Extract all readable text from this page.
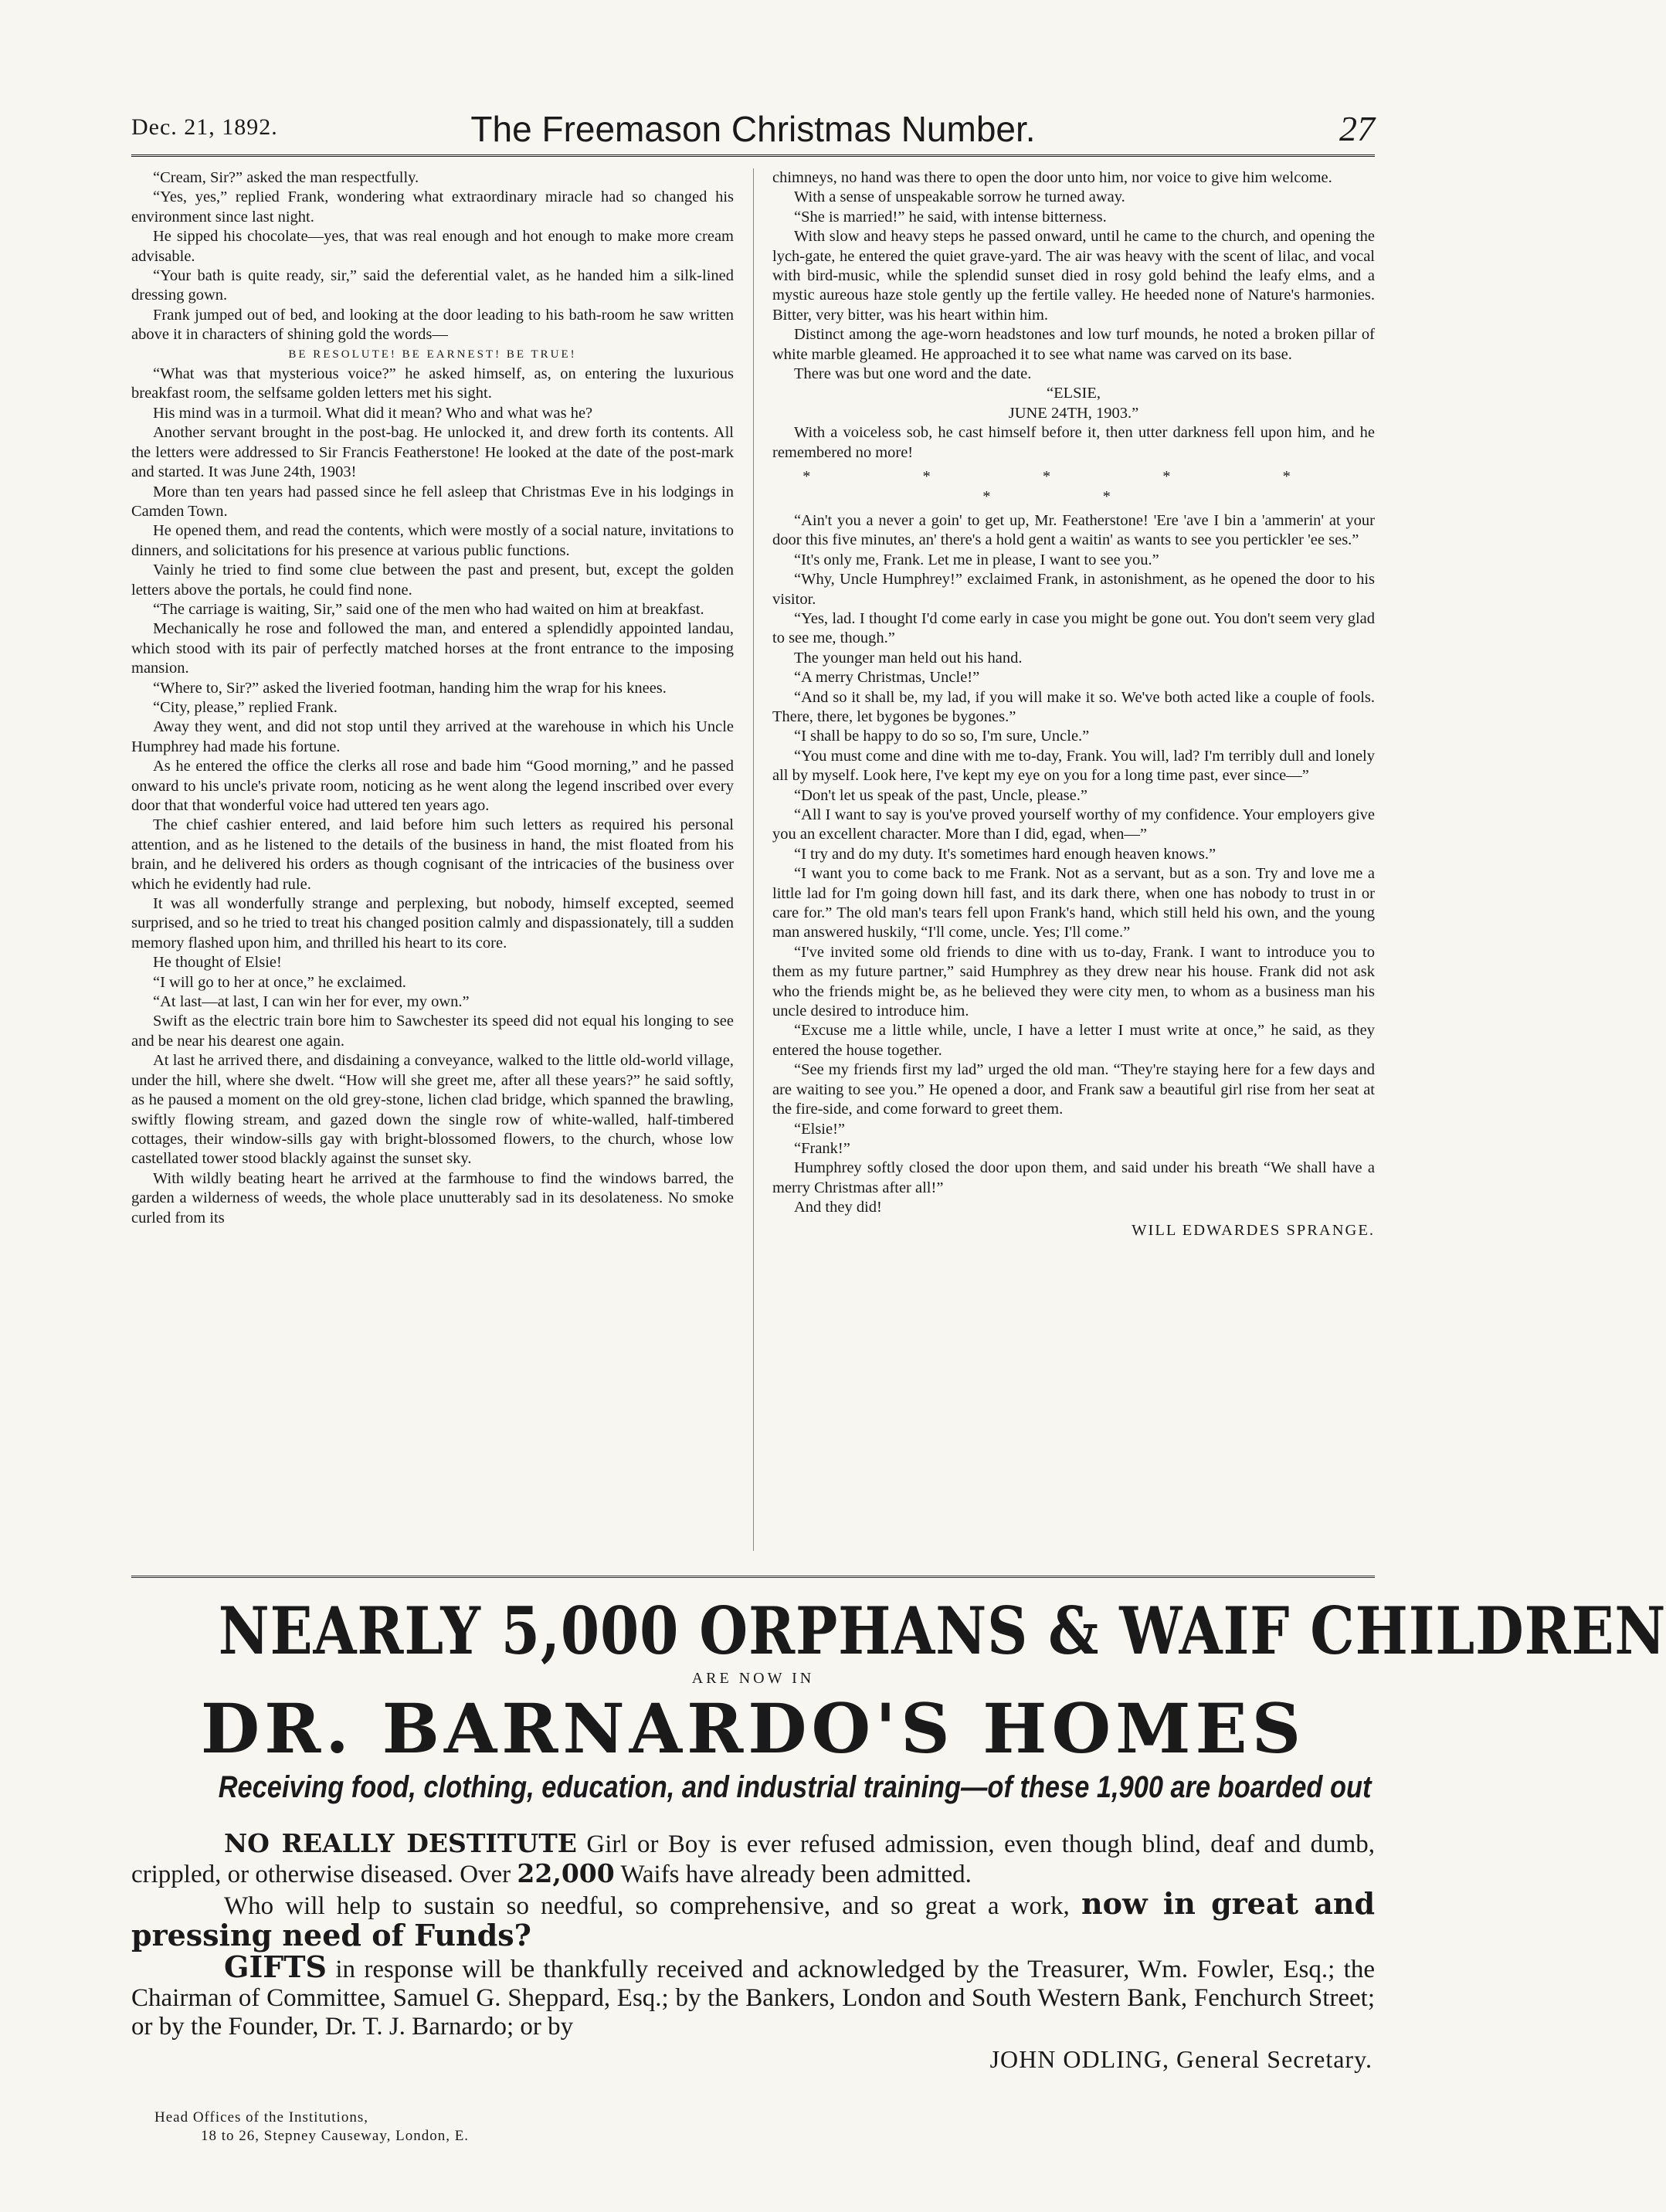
Dec. 21, 1892.	The Freemason Christmas Number.	27

“Cream, Sir?” asked the man respectfully.

“Yes, yes,” replied Frank, wondering what extraordinary miracle had so changed his environment since last night.

He sipped his chocolate—yes, that was real enough and hot enough to make more cream advisable.

“Your bath is quite ready, sir,” said the deferential valet, as he handed him a silk-lined dressing gown.

Frank jumped out of bed, and looking at the door leading to his bath-room he saw written above it in characters of shining gold the words—

BE RESOLUTE! BE EARNEST! BE TRUE!

“What was that mysterious voice?” he asked himself, as, on entering the luxurious breakfast room, the selfsame golden letters met his sight.

His mind was in a turmoil. What did it mean? Who and what was he?

Another servant brought in the post-bag. He unlocked it, and drew forth its contents. All the letters were addressed to Sir Francis Featherstone! He looked at the date of the post-mark and started. It was June 24th, 1903!

More than ten years had passed since he fell asleep that Christmas Eve in his lodgings in Camden Town.

He opened them, and read the contents, which were mostly of a social nature, invitations to dinners, and solicitations for his presence at various public functions.

Vainly he tried to find some clue between the past and present, but, except the golden letters above the portals, he could find none.

“The carriage is waiting, Sir,” said one of the men who had waited on him at breakfast.

Mechanically he rose and followed the man, and entered a splendidly appointed landau, which stood with its pair of perfectly matched horses at the front entrance to the imposing mansion.

“Where to, Sir?” asked the liveried footman, handing him the wrap for his knees.

“City, please,” replied Frank.

Away they went, and did not stop until they arrived at the warehouse in which his Uncle Humphrey had made his fortune.

As he entered the office the clerks all rose and bade him “Good morning,” and he passed onward to his uncle's private room, noticing as he went along the legend inscribed over every door that that wonderful voice had uttered ten years ago.

The chief cashier entered, and laid before him such letters as required his personal attention, and as he listened to the details of the business in hand, the mist floated from his brain, and he delivered his orders as though cognisant of the intricacies of the business over which he evidently had rule.

It was all wonderfully strange and perplexing, but nobody, himself excepted, seemed surprised, and so he tried to treat his changed position calmly and dispassionately, till a sudden memory flashed upon him, and thrilled his heart to its core.

He thought of Elsie!

“I will go to her at once,” he exclaimed.

“At last—at last, I can win her for ever, my own.”

Swift as the electric train bore him to Sawchester its speed did not equal his longing to see and be near his dearest one again.

At last he arrived there, and disdaining a conveyance, walked to the little old-world village, under the hill, where she dwelt. “How will she greet me, after all these years?” he said softly, as he paused a moment on the old grey-stone, lichen clad bridge, which spanned the brawling, swiftly flowing stream, and gazed down the single row of white-walled, half-timbered cottages, their window-sills gay with bright-blossomed flowers, to the church, whose low castellated tower stood blackly against the sunset sky.

With wildly beating heart he arrived at the farmhouse to find the windows barred, the garden a wilderness of weeds, the whole place unutterably sad in its desolateness. No smoke curled from its

chimneys, no hand was there to open the door unto him, nor voice to give him welcome.

With a sense of unspeakable sorrow he turned away.

“She is married!” he said, with intense bitterness.

With slow and heavy steps he passed onward, until he came to the church, and opening the lych-gate, he entered the quiet grave-yard. The air was heavy with the scent of lilac, and vocal with bird-music, while the splendid sunset died in rosy gold behind the leafy elms, and a mystic aureous haze stole gently up the fertile valley. He heeded none of Nature's harmonies. Bitter, very bitter, was his heart within him.

Distinct among the age-worn headstones and low turf mounds, he noted a broken pillar of white marble gleamed. He approached it to see what name was carved on its base.

There was but one word and the date.

“ELSIE,

JUNE 24TH, 1903.”

With a voiceless sob, he cast himself before it, then utter darkness fell upon him, and he remembered no more!

* * * * * * *

“Ain't you a never a goin' to get up, Mr. Featherstone! 'Ere 'ave I bin a 'ammerin' at your door this five minutes, an' there's a hold gent a waitin' as wants to see you pertickler 'ee ses.”

“It's only me, Frank. Let me in please, I want to see you.”

“Why, Uncle Humphrey!” exclaimed Frank, in astonishment, as he opened the door to his visitor.

“Yes, lad. I thought I'd come early in case you might be gone out. You don't seem very glad to see me, though.”

The younger man held out his hand.

“A merry Christmas, Uncle!”

“And so it shall be, my lad, if you will make it so. We've both acted like a couple of fools. There, there, let bygones be bygones.”

“I shall be happy to do so so, I'm sure, Uncle.”

“You must come and dine with me to-day, Frank. You will, lad? I'm terribly dull and lonely all by myself. Look here, I've kept my eye on you for a long time past, ever since—”

“Don't let us speak of the past, Uncle, please.”

“All I want to say is you've proved yourself worthy of my confidence. Your employers give you an excellent character. More than I did, egad, when—”

“I try and do my duty. It's sometimes hard enough heaven knows.”

“I want you to come back to me Frank. Not as a servant, but as a son. Try and love me a little lad for I'm going down hill fast, and its dark there, when one has nobody to trust in or care for.” The old man's tears fell upon Frank's hand, which still held his own, and the young man answered huskily, “I'll come, uncle. Yes; I'll come.”

“I've invited some old friends to dine with us to-day, Frank. I want to introduce you to them as my future partner,” said Humphrey as they drew near his house. Frank did not ask who the friends might be, as he believed they were city men, to whom as a business man his uncle desired to introduce him.

“Excuse me a little while, uncle, I have a letter I must write at once,” he said, as they entered the house together.

“See my friends first my lad” urged the old man. “They're staying here for a few days and are waiting to see you.” He opened a door, and Frank saw a beautiful girl rise from her seat at the fire-side, and come forward to greet them.

“Elsie!”

“Frank!”

Humphrey softly closed the door upon them, and said under his breath “We shall have a merry Christmas after all!”

And they did!

WILL EDWARDES SPRANGE.

NEARLY 5,000 ORPHANS & WAIF CHILDREN
ARE NOW IN
DR. BARNARDO'S HOMES
Receiving food, clothing, education, and industrial training—of these 1,900 are boarded out

NO REALLY DESTITUTE Girl or Boy is ever refused admission, even though blind, deaf and dumb, crippled, or otherwise diseased. Over 22,000 Waifs have already been admitted.

Who will help to sustain so needful, so comprehensive, and so great a work, now in great and pressing need of Funds?

GIFTS in response will be thankfully received and acknowledged by the Treasurer, Wm. Fowler, Esq.; the Chairman of Committee, Samuel G. Sheppard, Esq.; by the Bankers, London and South Western Bank, Fenchurch Street; or by the Founder, Dr. T. J. Barnardo; or by

JOHN ODLING, General Secretary.
Head Offices of the Institutions,
18 to 26, Stepney Causeway, London, E.
